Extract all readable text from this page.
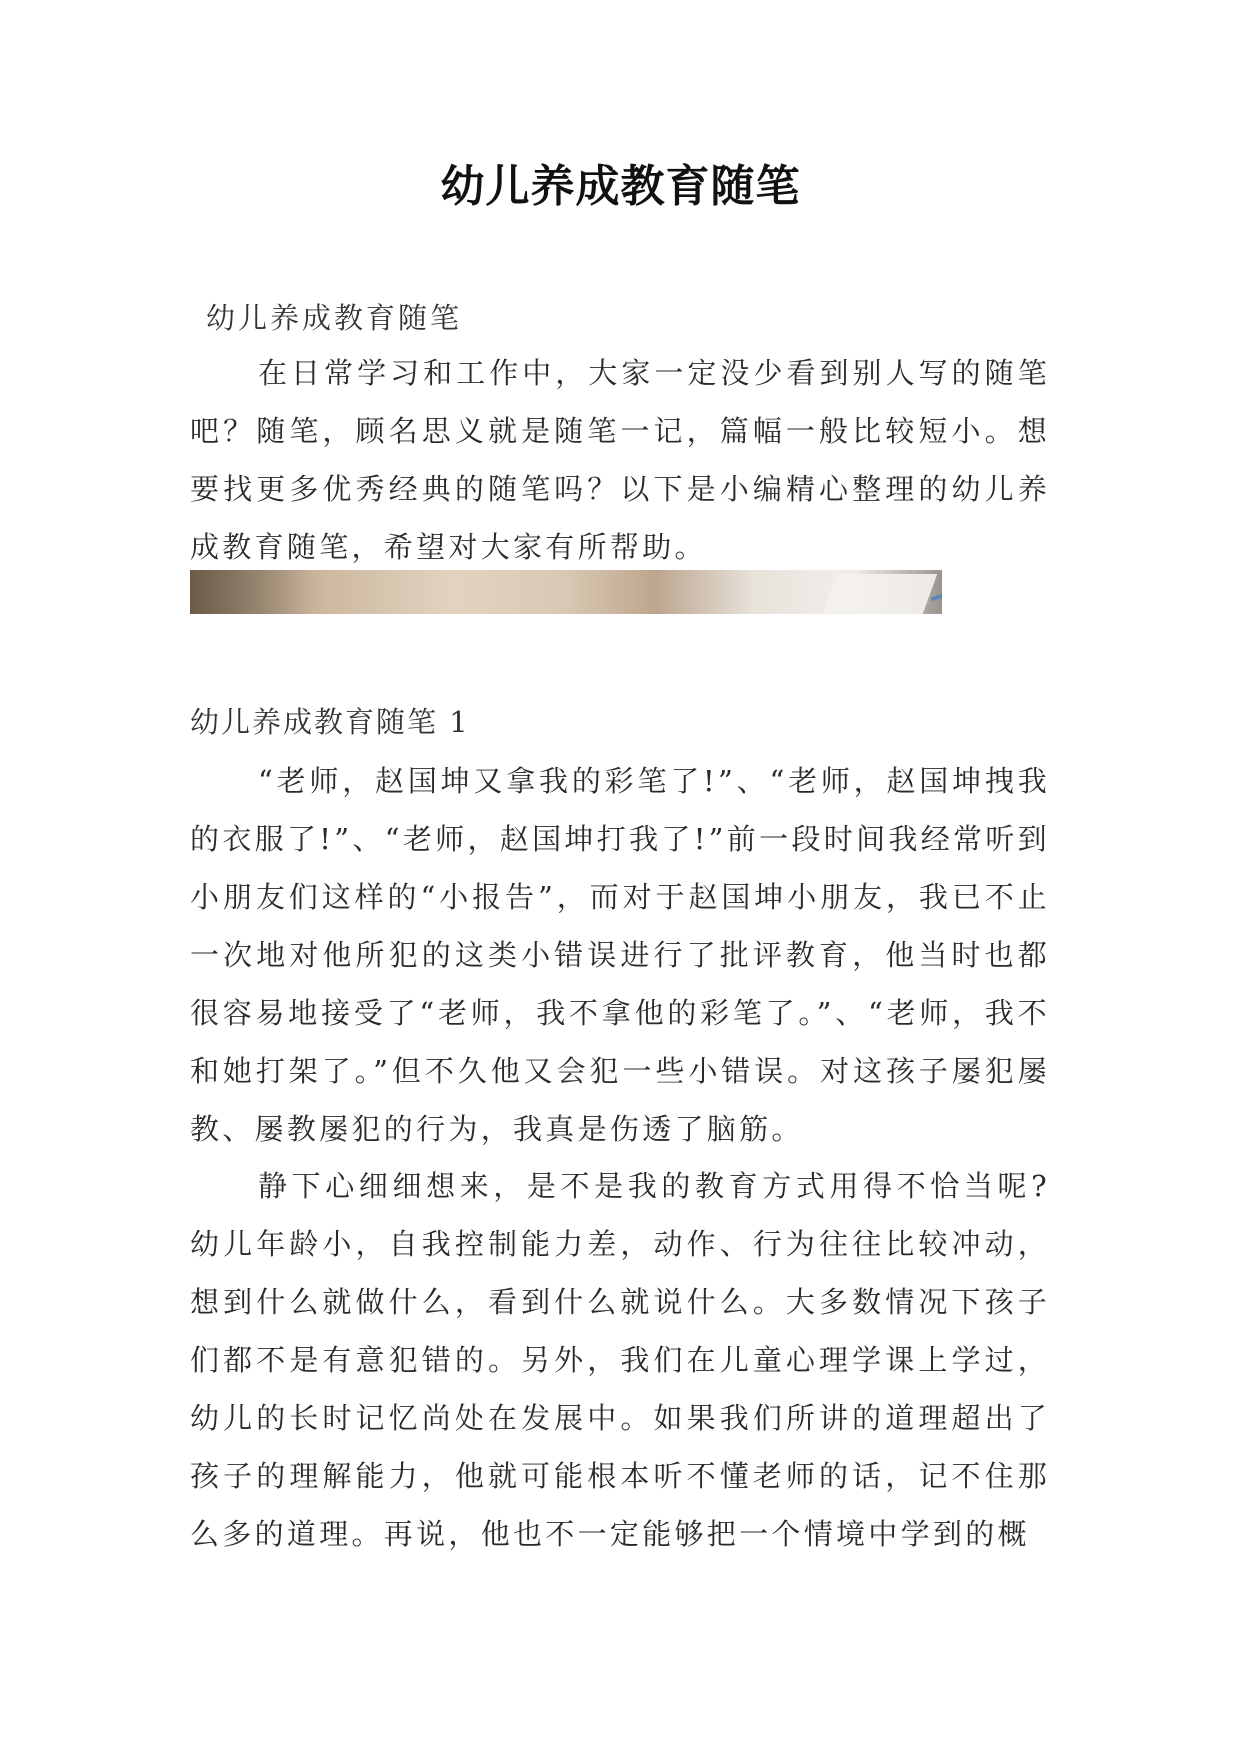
幼儿养成教育随笔
幼儿养成教育随笔

在日常学习和工作中，大家一定没少看到别人写的随笔吧？随笔，顾名思义就是随笔一记，篇幅一般比较短小。想要找更多优秀经典的随笔吗？以下是小编精心整理的幼儿养成教育随笔，希望对大家有所帮助。

幼儿养成教育随笔 1

“老师，赵国坤又拿我的彩笔了!”、“老师，赵国坤拽我的衣服了!”、“老师，赵国坤打我了!”前一段时间我经常听到小朋友们这样的“小报告”，而对于赵国坤小朋友，我已不止一次地对他所犯的这类小错误进行了批评教育，他当时也都很容易地接受了“老师，我不拿他的彩笔了。”、“老师，我不和她打架了。”但不久他又会犯一些小错误。对这孩子屡犯屡教、屡教屡犯的行为，我真是伤透了脑筋。

静下心细细想来，是不是我的教育方式用得不恰当呢?幼儿年龄小，自我控制能力差，动作、行为往往比较冲动，想到什么就做什么，看到什么就说什么。大多数情况下孩子们都不是有意犯错的。另外，我们在儿童心理学课上学过，幼儿的长时记忆尚处在发展中。如果我们所讲的道理超出了孩子的理解能力，他就可能根本听不懂老师的话，记不住那么多的道理。再说，他也不一定能够把一个情境中学到的概
